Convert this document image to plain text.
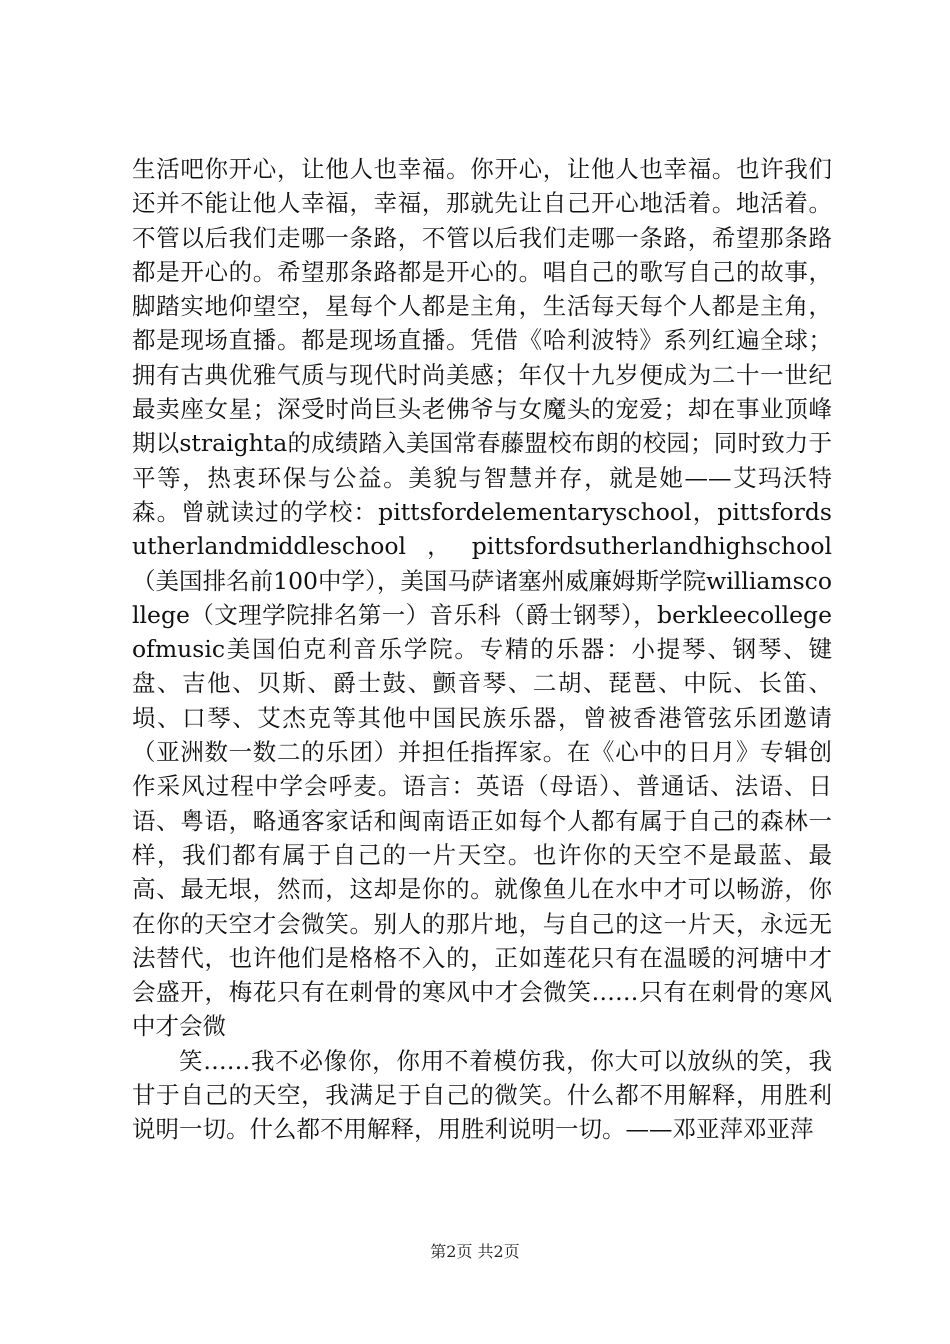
生活吧你开心，让他人也幸福。你开心，让他人也幸福。也许我们还并不能让他人幸福，幸福，那就先让自己开心地活着。地活着。不管以后我们走哪一条路，不管以后我们走哪一条路，希望那条路都是开心的。希望那条路都是开心的。唱自己的歌写自己的故事，脚踏实地仰望空，星每个人都是主角，生活每天每个人都是主角，都是现场直播。都是现场直播。凭借《哈利波特》系列红遍全球；拥有古典优雅气质与现代时尚美感；年仅十九岁便成为二十一世纪最卖座女星；深受时尚巨头老佛爷与女魔头的宠爱；却在事业顶峰期以straighta的成绩踏入美国常春藤盟校布朗的校园；同时致力于平等，热衷环保与公益。美貌与智慧并存，就是她——艾玛沃特森。曾就读过的学校：pittsfordelementaryschool，pittsfordsutherlandmiddleschool，pittsfordsutherlandhighschool（美国排名前100中学），美国马萨诸塞州威廉姆斯学院williamscollege（文理学院排名第一）音乐科（爵士钢琴），berkleecollegeofmusic美国伯克利音乐学院。专精的乐器：小提琴、钢琴、键盘、吉他、贝斯、爵士鼓、颤音琴、二胡、琵琶、中阮、长笛、埙、口琴、艾杰克等其他中国民族乐器，曾被香港管弦乐团邀请（亚洲数一数二的乐团）并担任指挥家。在《心中的日月》专辑创作采风过程中学会呼麦。语言：英语（母语）、普通话、法语、日语、粤语，略通客家话和闽南语正如每个人都有属于自己的森林一样，我们都有属于自己的一片天空。也许你的天空不是最蓝、最高、最无垠，然而，这却是你的。就像鱼儿在水中才可以畅游，你在你的天空才会微笑。别人的那片地，与自己的这一片天，永远无法替代，也许他们是格格不入的，正如莲花只有在温暖的河塘中才会盛开，梅花只有在刺骨的寒风中才会微笑……只有在刺骨的寒风中才会微

笑……我不必像你，你用不着模仿我，你大可以放纵的笑，我甘于自己的天空，我满足于自己的微笑。什么都不用解释，用胜利说明一切。什么都不用解释，用胜利说明一切。——邓亚萍邓亚萍

第2页 共2页
